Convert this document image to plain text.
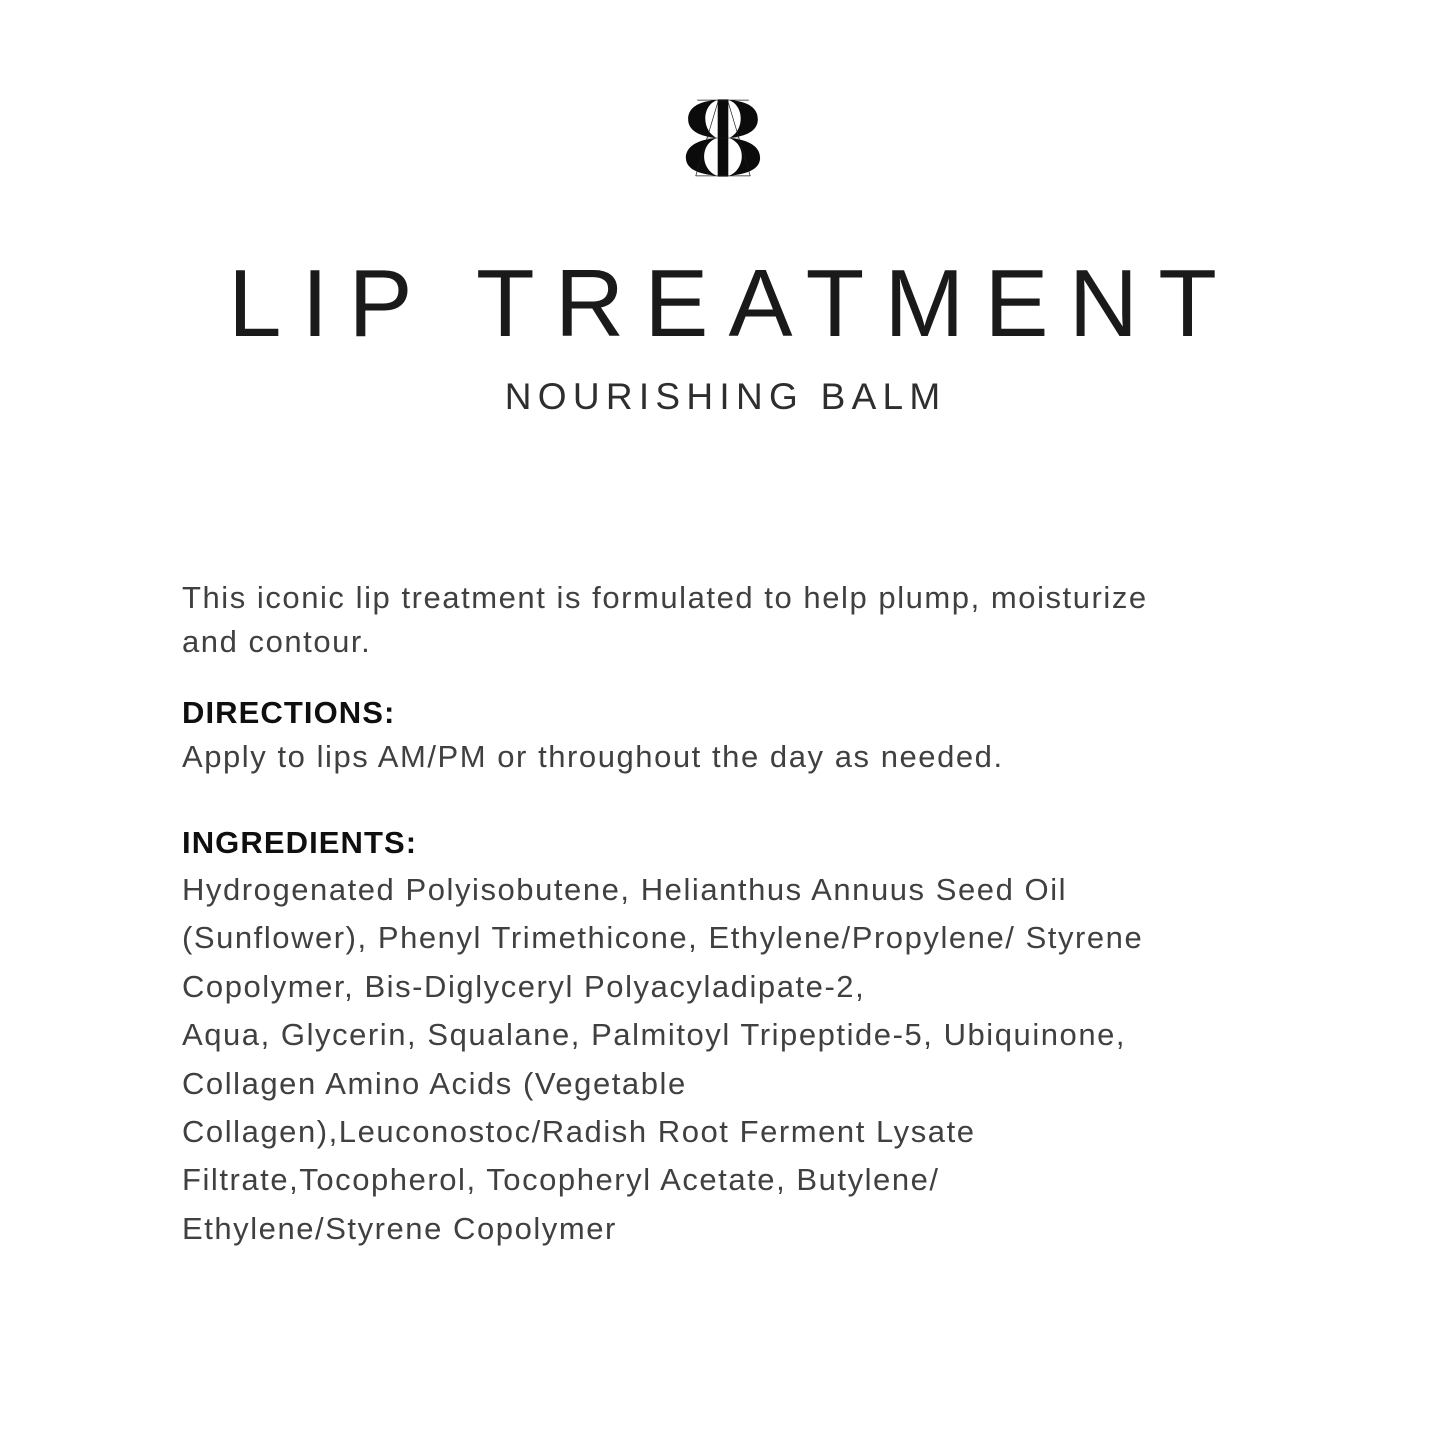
LIP TREATMENT
NOURISHING BALM
This iconic lip treatment is formulated to help plump, moisturize
and contour.
DIRECTIONS:
Apply to lips AM/PM or throughout the day as needed.
INGREDIENTS:
Hydrogenated Polyisobutene, Helianthus Annuus Seed Oil
(Sunflower), Phenyl Trimethicone, Ethylene/Propylene/ Styrene
Copolymer, Bis-Diglyceryl Polyacyladipate-2,
Aqua, Glycerin, Squalane, Palmitoyl Tripeptide-5, Ubiquinone,
Collagen Amino Acids (Vegetable
Collagen),Leuconostoc/Radish Root Ferment Lysate
Filtrate,Tocopherol, Tocopheryl Acetate, Butylene/
Ethylene/Styrene Copolymer
